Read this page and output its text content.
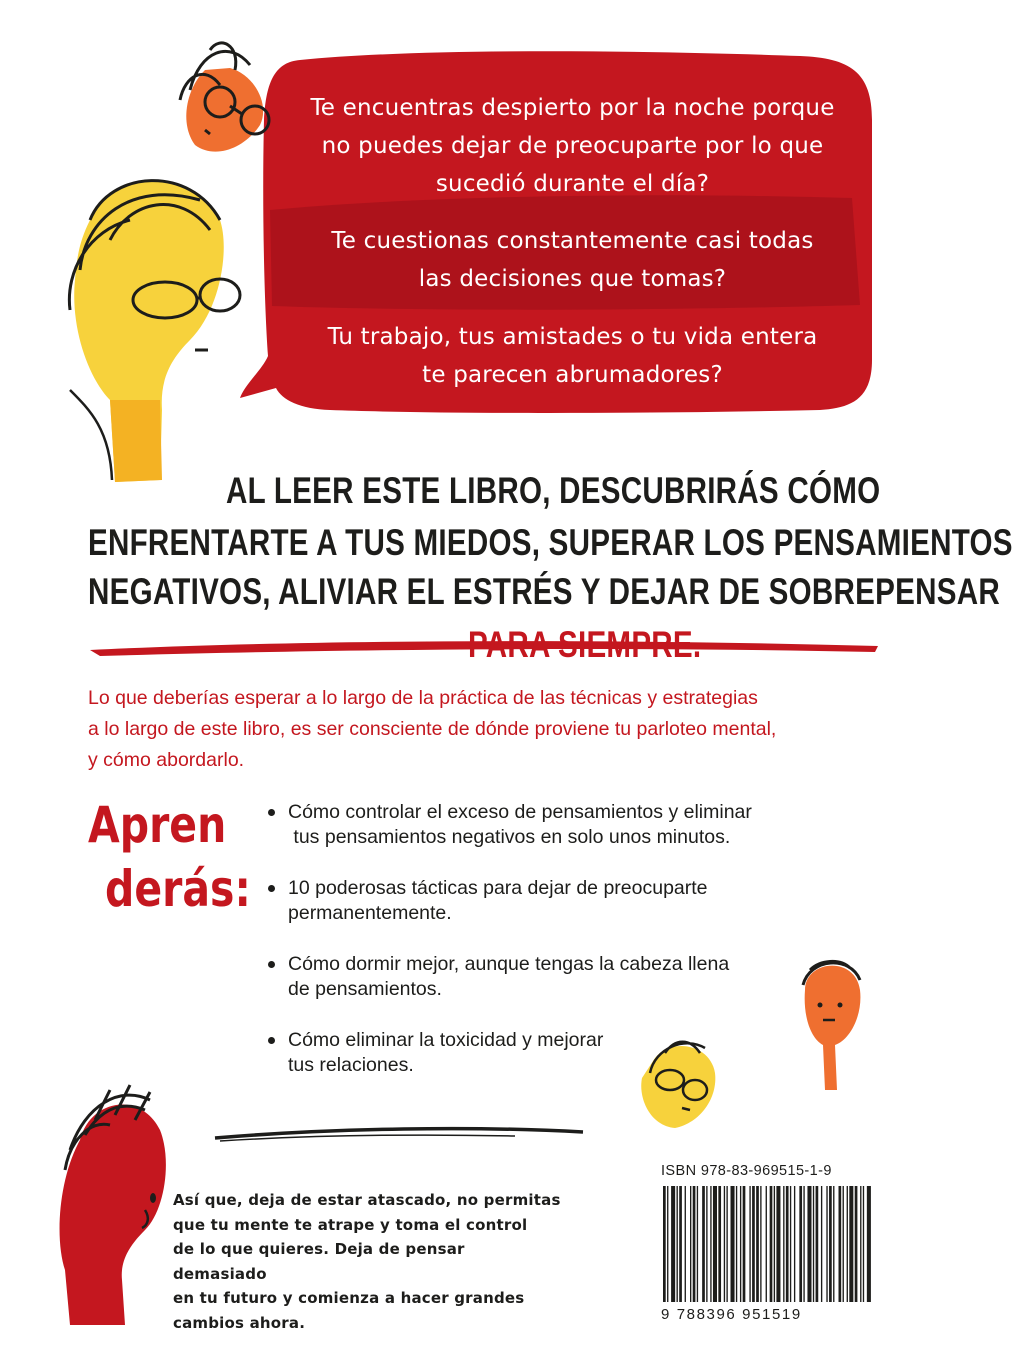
Te encuentras despierto por la noche porque
no puedes dejar de preocuparte por lo que
sucedió durante el día?
Te cuestionas constantemente casi todas
las decisiones que tomas?
Tu trabajo, tus amistades o tu vida entera
te parecen abrumadores?
AL LEER ESTE LIBRO, DESCUBRIRÁS CÓMO
ENFRENTARTE A TUS MIEDOS, SUPERAR LOS PENSAMIENTOS
NEGATIVOS, ALIVIAR EL ESTRÉS Y DEJAR DE SOBREPENSAR
PARA SIEMPRE.
Lo que deberías esperar a lo largo de la práctica de las técnicas y estrategias
a lo largo de este libro, es ser consciente de dónde proviene tu parloteo mental,
y cómo abordarlo.
Apren
derás:
Cómo controlar el exceso de pensamientos y eliminar
tus pensamientos negativos en solo unos minutos.
10 poderosas tácticas para dejar de preocuparte
permanentemente.
Cómo dormir mejor, aunque tengas la cabeza llena
de pensamientos.
Cómo eliminar la toxicidad y mejorar
tus relaciones.
Así que, deja de estar atascado, no permitas
que tu mente te atrape y toma el control
de lo que quieres. Deja de pensar demasiado
en tu futuro y comienza a hacer grandes
cambios ahora.
ISBN 978-83-969515-1-9
9 788396 951519
